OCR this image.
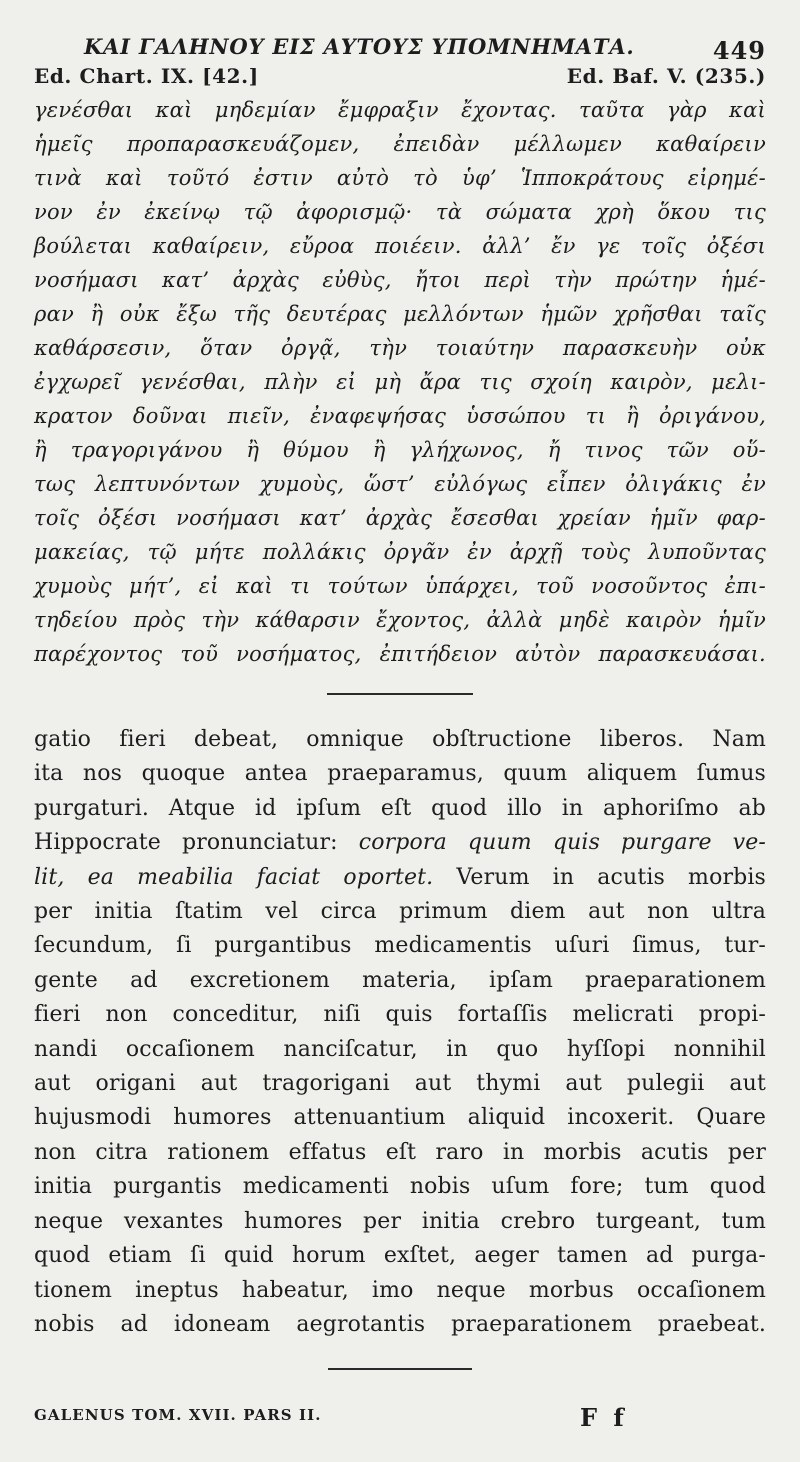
ΚΑΙ ΓΑΛΗΝΟΥ ΕΙΣ ΑΥΤΟΥΣ ΥΠΟΜΝΗΜΑΤΑ.	449
Ed. Chart. IX. [42.]	Ed. Baf. V. (235.)
γενέσθαι καὶ μηδεμίαν ἔμφραξιν ἔχοντας. ταῦτα γὰρ καὶ
ἡμεῖς προπαρασκευάζομεν, ἐπειδὰν μέλλωμεν καθαίρειν
τινὰ καὶ τοῦτό ἐστιν αὐτὸ τὸ ὑφ’ Ἱπποκράτους εἰρημέ-
νον ἐν ἐκείνῳ τῷ ἀφορισμῷ· τὰ σώματα χρὴ ὅκου τις
βούλεται καθαίρειν, εὔροα ποιέειν. ἀλλ’ ἔν γε τοῖς ὀξέσι
νοσήμασι κατ’ ἀρχὰς εὐθὺς, ἤτοι περὶ τὴν πρώτην ἡμέ-
ραν ἢ οὐκ ἔξω τῆς δευτέρας μελλόντων ἡμῶν χρῆσθαι ταῖς
καθάρσεσιν, ὅταν ὀργᾷ, τὴν τοιαύτην παρασκευὴν οὐκ
ἐγχωρεῖ γενέσθαι, πλὴν εἰ μὴ ἄρα τις σχοίη καιρὸν, μελι-
κρατον δοῦναι πιεῖν, ἐναφεψήσας ὑσσώπου τι ἢ ὀριγάνου,
ἢ τραγοριγάνου ἢ θύμου ἢ γλήχωνος, ἤ τινος τῶν οὕ-
τως λεπτυνόντων χυμοὺς, ὥστ’ εὐλόγως εἶπεν ὀλιγάκις ἐν
τοῖς ὀξέσι νοσήμασι κατ’ ἀρχὰς ἔσεσθαι χρείαν ἡμῖν φαρ-
μακείας, τῷ μήτε πολλάκις ὀργᾶν ἐν ἀρχῇ τοὺς λυποῦντας
χυμοὺς μήτ’, εἰ καὶ τι τούτων ὑπάρχει, τοῦ νοσοῦντος ἐπι-
τηδείου πρὸς τὴν κάθαρσιν ἔχοντος, ἀλλὰ μηδὲ καιρὸν ἡμῖν
παρέχοντος τοῦ νοσήματος, ἐπιτήδειον αὐτὸν παρασκευάσαι.
gatio fieri debeat, omnique obſtructione liberos. Nam
ita nos quoque antea praeparamus, quum aliquem ſumus
purgaturi. Atque id ipſum eſt quod illo in aphoriſmo ab
Hippocrate pronunciatur: corpora quum quis purgare ve-
lit, ea meabilia faciat oportet. Verum in acutis morbis
per initia ſtatim vel circa primum diem aut non ultra
ſecundum, ſi purgantibus medicamentis uſuri ſimus, tur-
gente ad excretionem materia, ipſam praeparationem
fieri non conceditur, niſi quis fortaſſis melicrati propi-
nandi occaſionem nanciſcatur, in quo hyſſopi nonnihil
aut origani aut tragorigani aut thymi aut pulegii aut
hujusmodi humores attenuantium aliquid incoxerit. Quare
non citra rationem effatus eſt raro in morbis acutis per
initia purgantis medicamenti nobis uſum fore; tum quod
neque vexantes humores per initia crebro turgeant, tum
quod etiam ſi quid horum exſtet, aeger tamen ad purga-
tionem ineptus habeatur, imo neque morbus occaſionem
nobis ad idoneam aegrotantis praeparationem praebeat.
GALENUS TOM. XVII. PARS II.	F f
